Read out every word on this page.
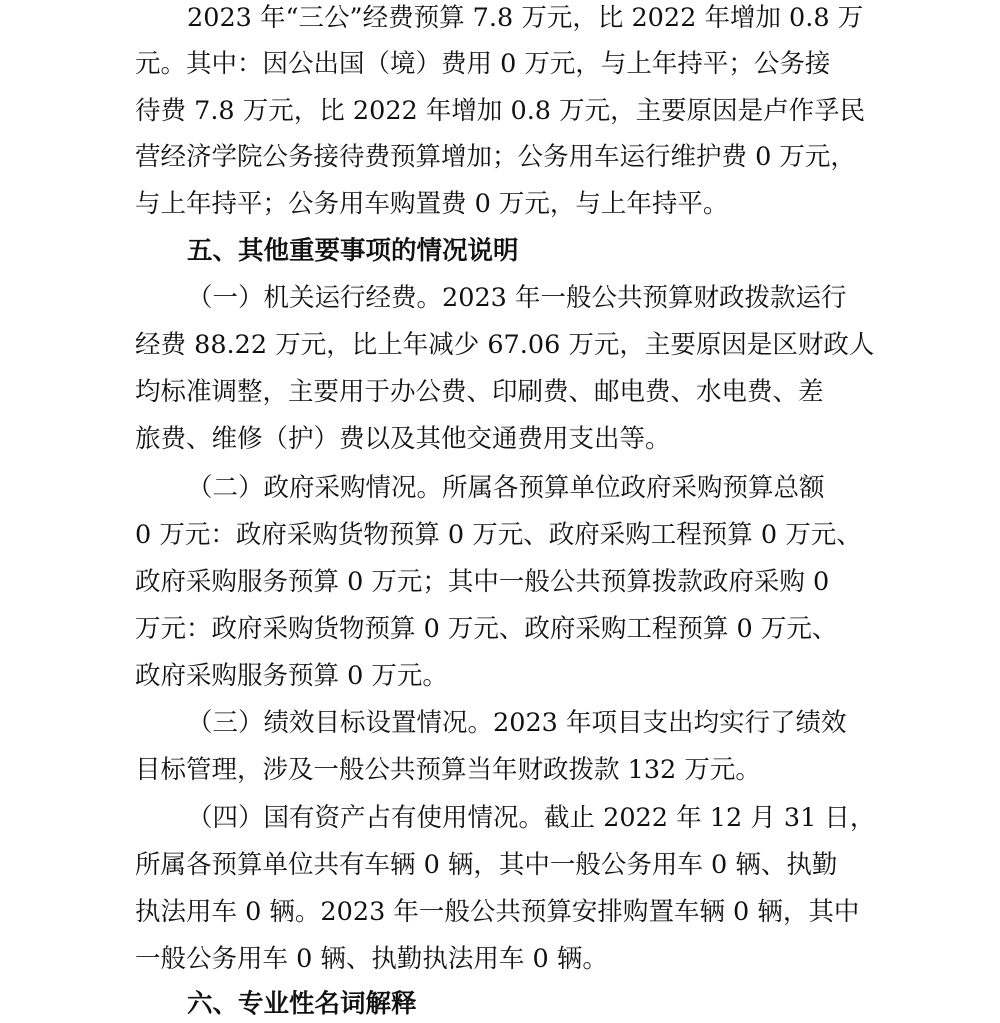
2023 年“三公”经费预算 7.8 万元，比 2022 年增加 0.8 万
元。其中：因公出国（境）费用 0 万元，与上年持平；公务接
待费 7.8 万元，比 2022 年增加 0.8 万元，主要原因是卢作孚民
营经济学院公务接待费预算增加；公务用车运行维护费 0 万元，
与上年持平；公务用车购置费 0 万元，与上年持平。
五、其他重要事项的情况说明
（一）机关运行经费。2023 年一般公共预算财政拨款运行
经费 88.22 万元，比上年减少 67.06 万元，主要原因是区财政人
均标准调整，主要用于办公费、印刷费、邮电费、水电费、差
旅费、维修（护）费以及其他交通费用支出等。
（二）政府采购情况。所属各预算单位政府采购预算总额
0 万元：政府采购货物预算 0 万元、政府采购工程预算 0 万元、
政府采购服务预算 0 万元；其中一般公共预算拨款政府采购 0
万元：政府采购货物预算 0 万元、政府采购工程预算 0 万元、
政府采购服务预算 0 万元。
（三）绩效目标设置情况。2023 年项目支出均实行了绩效
目标管理，涉及一般公共预算当年财政拨款 132 万元。
（四）国有资产占有使用情况。截止 2022 年 12 月 31 日，
所属各预算单位共有车辆 0 辆，其中一般公务用车 0 辆、执勤
执法用车 0 辆。2023 年一般公共预算安排购置车辆 0 辆，其中
一般公务用车 0 辆、执勤执法用车 0 辆。
六、专业性名词解释
